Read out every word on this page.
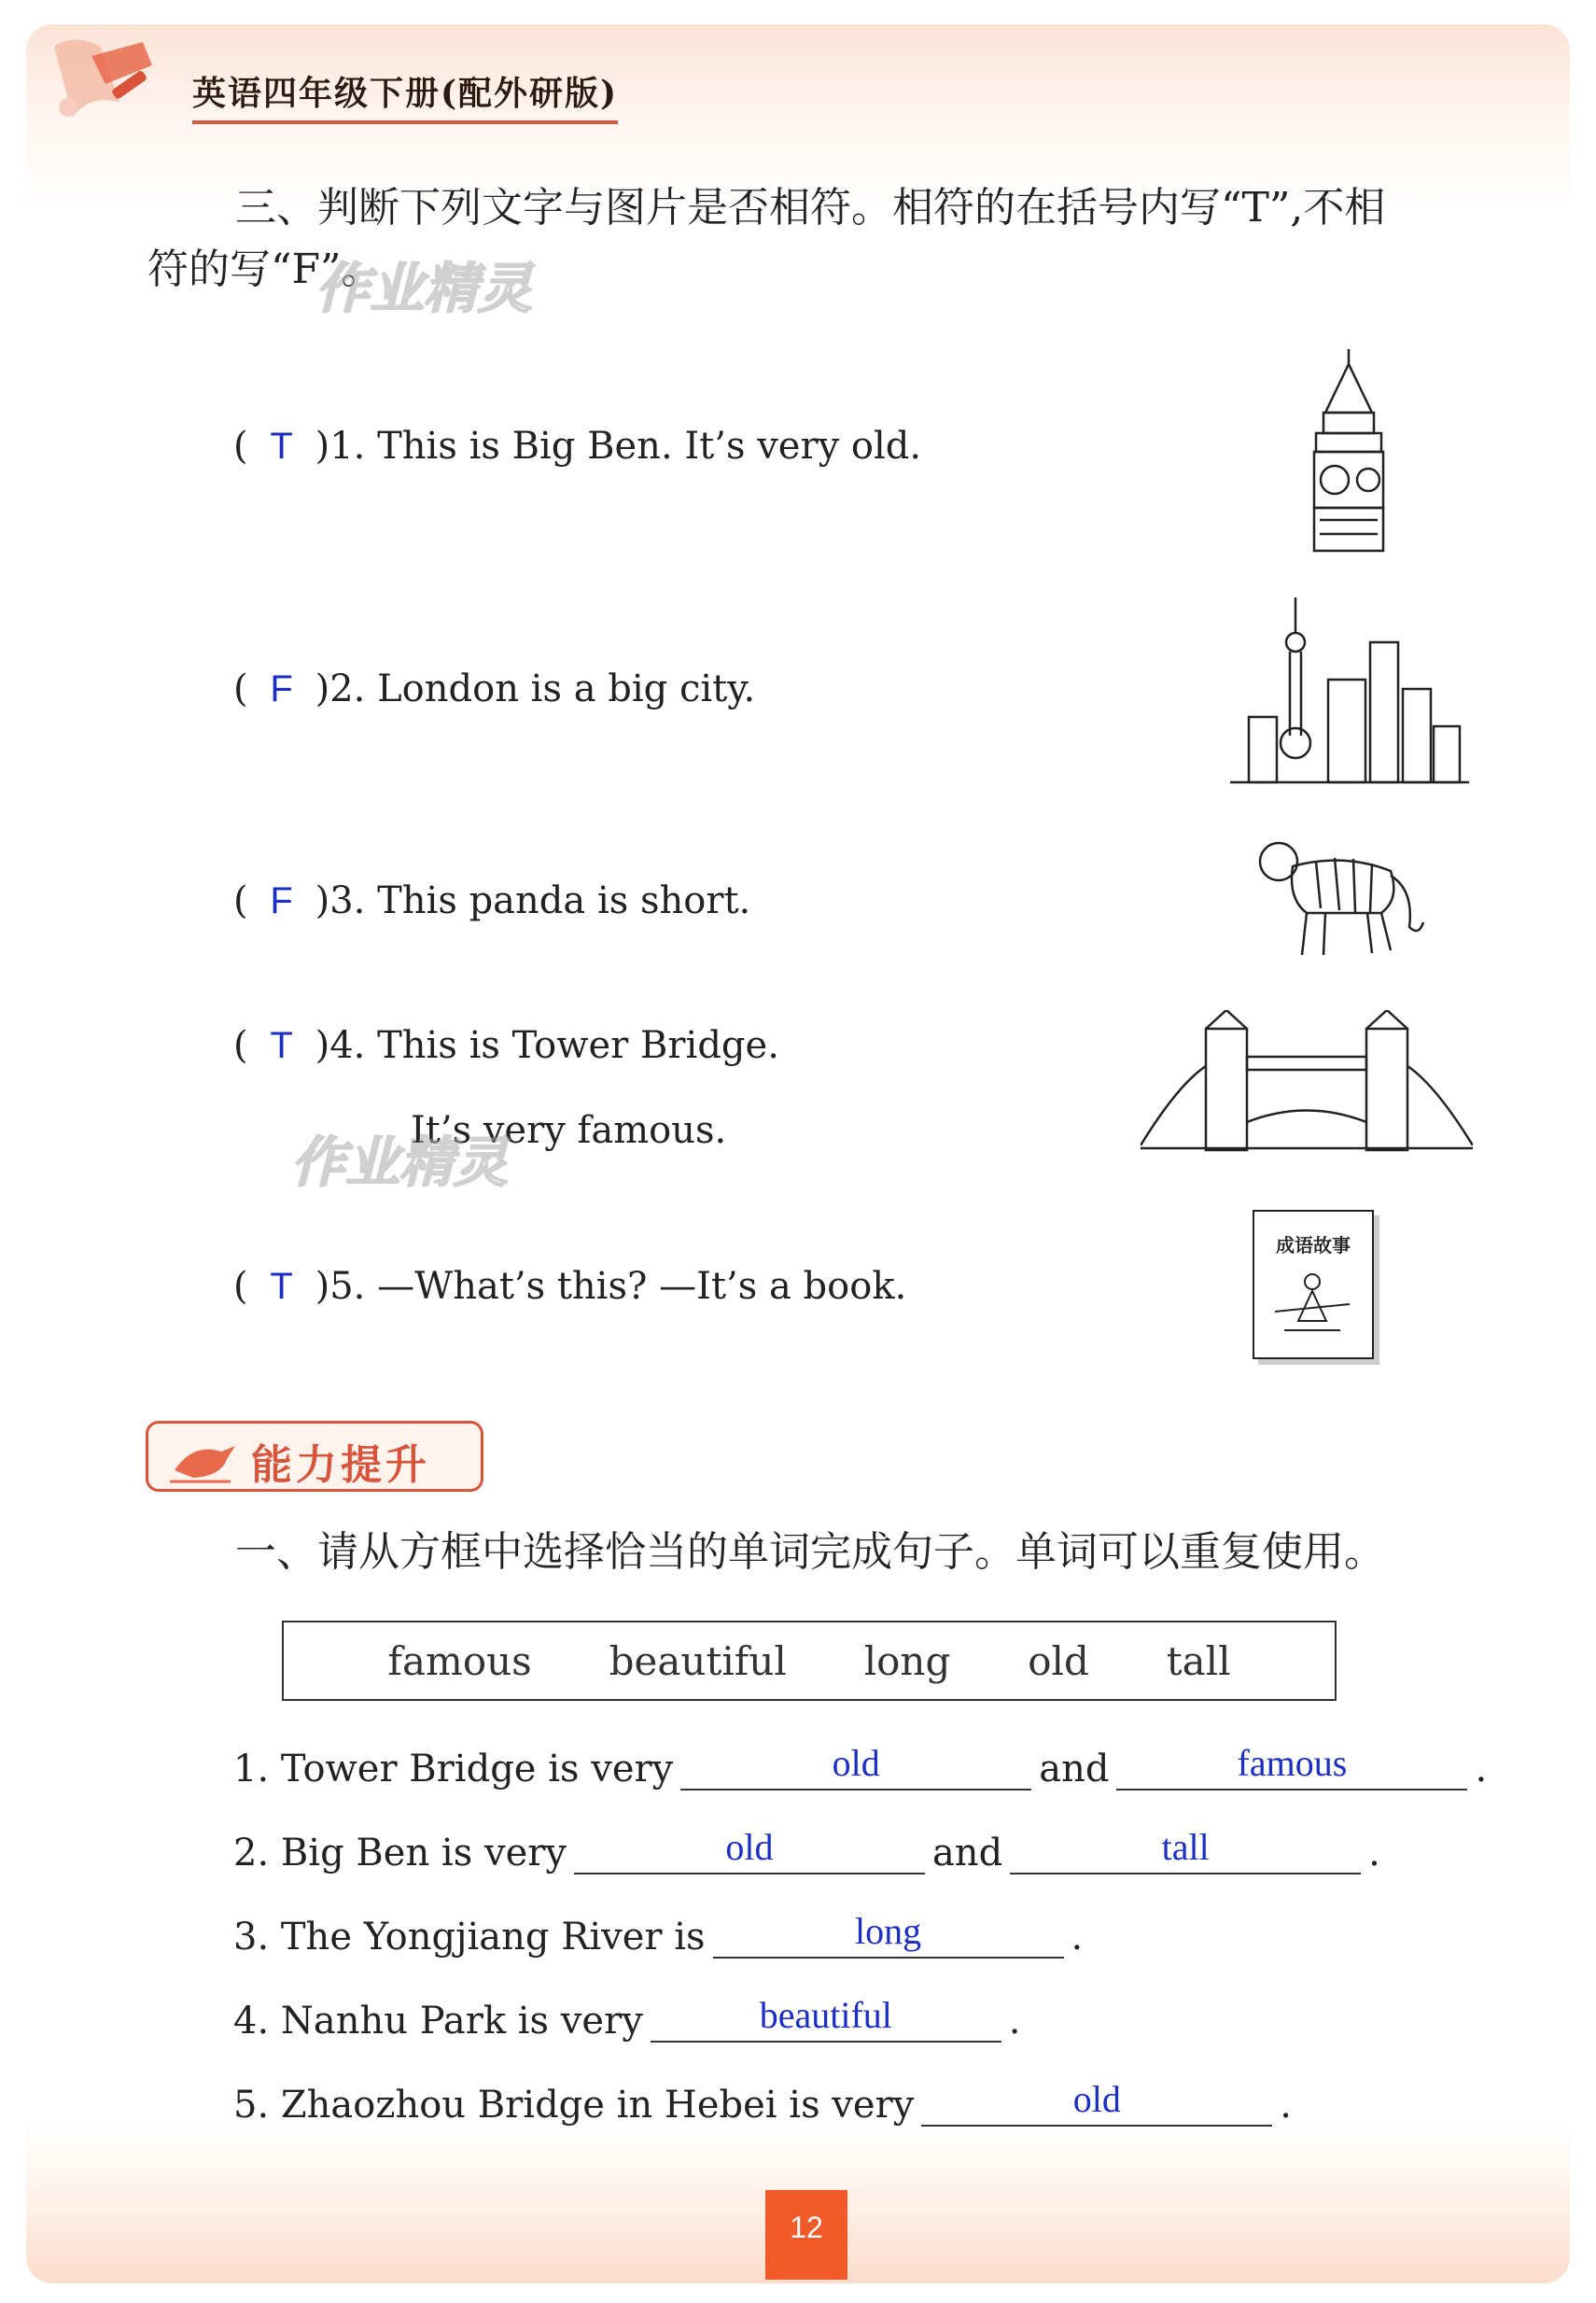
英语四年级下册(配外研版)
三、判断下列文字与图片是否相符。相符的在括号内写“T”,不相
符的写“F”。
作业精灵
( T )1. This is Big Ben. It’s very old.
( F )2. London is a big city.
( F )3. This panda is short.
( T )4. This is Tower Bridge.
It’s very famous.
作业精灵
( T )5. —What’s this? —It’s a book.
成语故事
能力提升
一、请从方框中选择恰当的单词完成句子。单词可以重复使用。
famous beautiful long old tall
1. Tower Bridge is very	old	and	famous	.
2. Big Ben is very	old	and	tall	.
3. The Yongjiang River is	long	.
4. Nanhu Park is very	beautiful	.
5. Zhaozhou Bridge in Hebei is very	old	.
12
